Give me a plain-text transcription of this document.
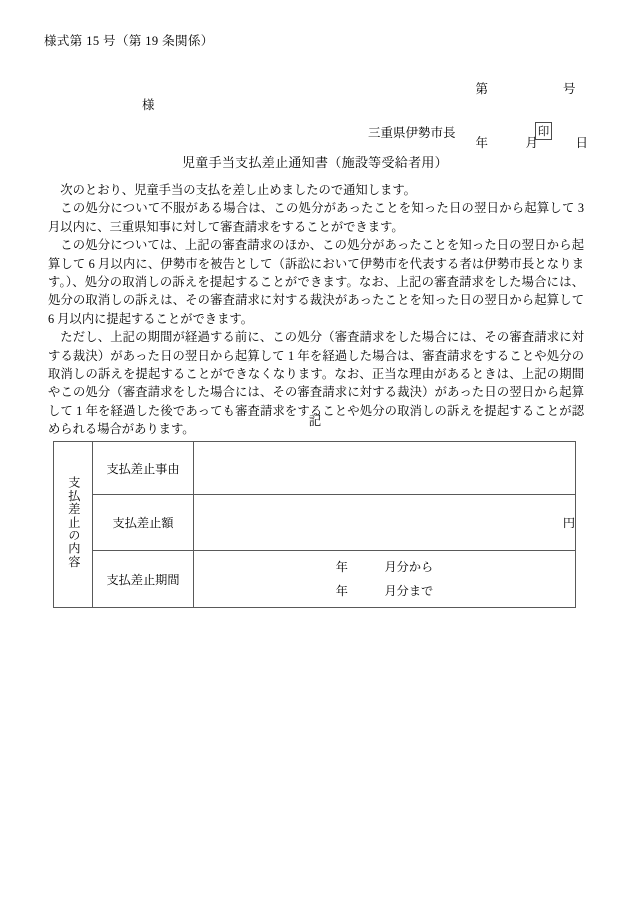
様式第 15 号（第 19 条関係）

第　　　　　　号

年　　　月　　　日

様
三重県伊勢市長	印
児童手当支払差止通知書（施設等受給者用）

次のとおり、児童手当の支払を差し止めましたので通知します。

この処分について不服がある場合は、この処分があったことを知った日の翌日から起算して 3 月以内に、三重県知事に対して審査請求をすることができます。

この処分については、上記の審査請求のほか、この処分があったことを知った日の翌日から起算して 6 月以内に、伊勢市を被告として（訴訟において伊勢市を代表する者は伊勢市長となります。）、処分の取消しの訴えを提起することができます。なお、上記の審査請求をした場合には、処分の取消しの訴えは、その審査請求に対する裁決があったことを知った日の翌日から起算して 6 月以内に提起することができます。

ただし、上記の期間が経過する前に、この処分（審査請求をした場合には、その審査請求に対する裁決）があった日の翌日から起算して 1 年を経過した場合は、審査請求をすることや処分の取消しの訴えを提起することができなくなります。なお、正当な理由があるときは、上記の期間やこの処分（審査請求をした場合には、その審査請求に対する裁決）があった日の翌日から起算して 1 年を経過した後であっても審査請求をすることや処分の取消しの訴えを提起することが認められる場合があります。

記
支払差止の内容	支払差止事由	
	支払差止額	円
	支払差止期間	年　　　月分から
年　　　月分まで
